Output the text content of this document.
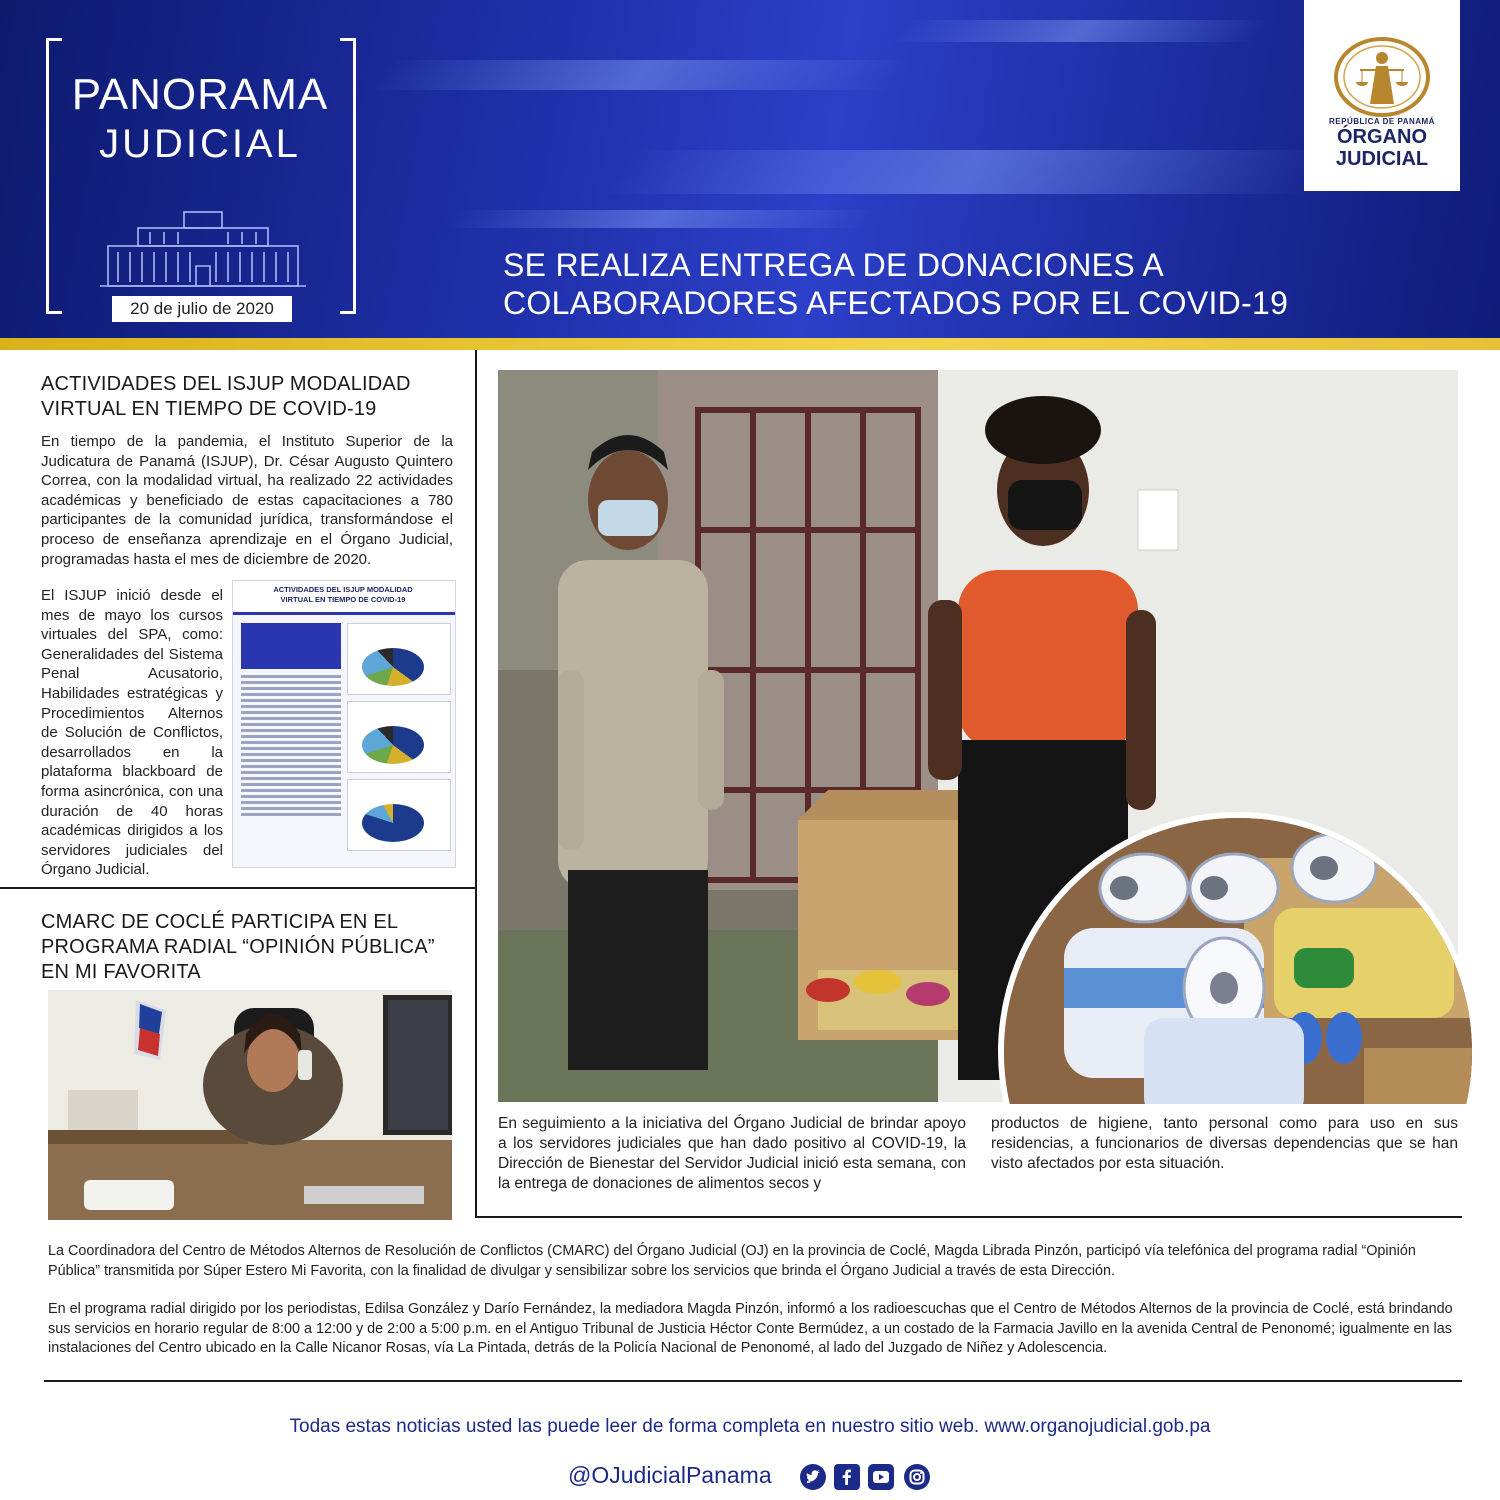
PANORAMA
JUDICIAL
20 de julio de 2020
SE REALIZA ENTREGA DE DONACIONES A COLABORADORES AFECTADOS POR EL COVID-19
REPÚBLICA DE PANAMÁ
ÓRGANO
JUDICIAL
ACTIVIDADES DEL ISJUP MODALIDAD VIRTUAL EN TIEMPO DE COVID-19
En tiempo de la pandemia, el Instituto Superior de la Judicatura de Panamá (ISJUP), Dr. César Augusto Quintero Correa, con la modalidad virtual, ha realizado 22 actividades académicas y beneficiado de estas capacitaciones a 780 participantes de la comunidad jurídica, transformándose el proceso de enseñanza aprendizaje en el Órgano Judicial, programadas hasta el mes de diciembre de 2020.
El ISJUP inició desde el mes de mayo los cursos virtuales del SPA, como: Generalidades del Sistema Penal Acusatorio, Habilidades estratégicas y Procedimientos Alternos de Solución de Conflictos, desarrollados en la plataforma blackboard de forma asincrónica, con una duración de 40 horas académicas dirigidos a los servidores judiciales del Órgano Judicial.
ACTIVIDADES DEL ISJUP MODALIDAD VIRTUAL EN TIEMPO DE COVID-19
CMARC DE COCLÉ PARTICIPA EN EL PROGRAMA RADIAL “OPINIÓN PÚBLICA” EN MI FAVORITA
En seguimiento a la iniciativa del Órgano Judicial de brindar apoyo a los servidores judiciales que han dado positivo al COVID-19, la Dirección de Bienestar del Servidor Judicial inició esta semana, con la entrega de donaciones de alimentos secos y
productos de higiene, tanto personal como para uso en sus residencias, a funcionarios de diversas dependencias que se han visto afectados por esta situación.
La Coordinadora del Centro de Métodos Alternos de Resolución de Conflictos (CMARC) del Órgano Judicial (OJ) en la provincia de Coclé, Magda Librada Pinzón, participó vía telefónica del programa radial “Opinión Pública” transmitida por Súper Estero Mi Favorita, con la finalidad de divulgar y sensibilizar sobre los servicios que brinda el Órgano Judicial a través de esta Dirección.
En el programa radial dirigido por los periodistas, Edilsa González y Darío Fernández, la mediadora Magda Pinzón, informó a los radioescuchas que el Centro de Métodos Alternos de la provincia de Coclé, está brindando sus servicios en horario regular de 8:00 a 12:00 y de 2:00 a 5:00 p.m. en el Antiguo Tribunal de Justicia Héctor Conte Bermúdez, a un costado de la Farmacia Javillo en la avenida Central de Penonomé; igualmente en las instalaciones del Centro ubicado en la Calle Nicanor Rosas, vía La Pintada, detrás de la Policía Nacional de Penonomé, al lado del Juzgado de Niñez y Adolescencia.
Todas estas noticias usted las puede leer de forma completa en nuestro sitio web. www.organojudicial.gob.pa
@OJudicialPanama
